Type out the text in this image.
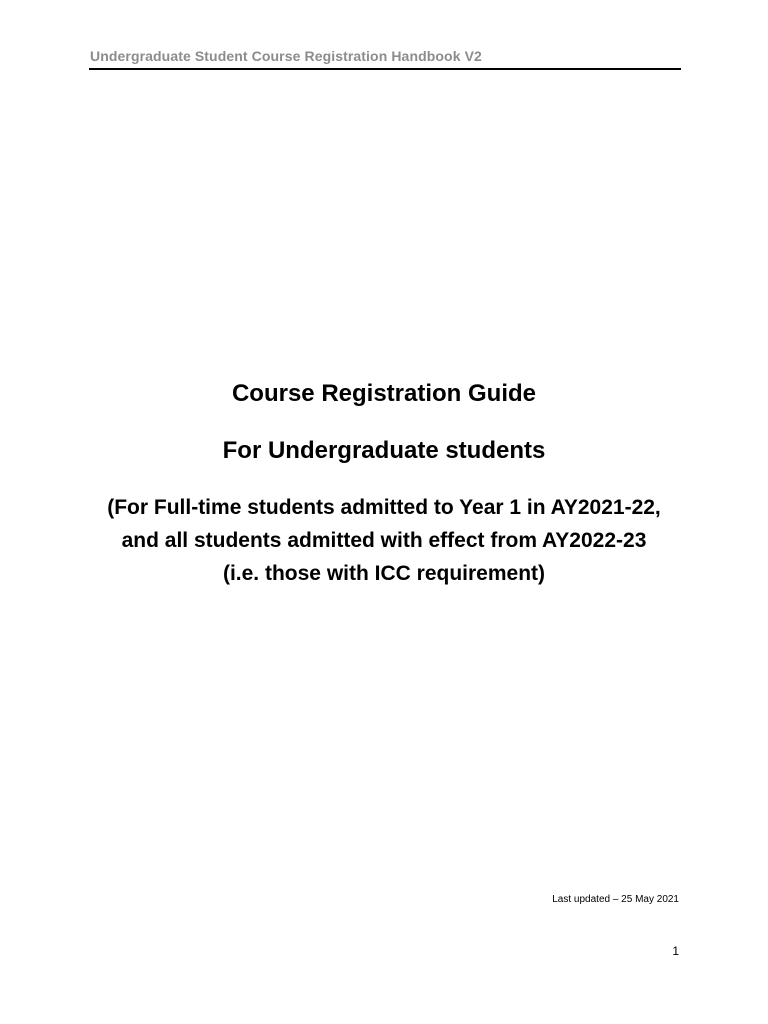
Undergraduate Student Course Registration Handbook V2
Course Registration Guide
For Undergraduate students
(For Full-time students admitted to Year 1 in AY2021-22,
and all students admitted with effect from AY2022-23
(i.e. those with ICC requirement)
Last updated – 25 May 2021
1
